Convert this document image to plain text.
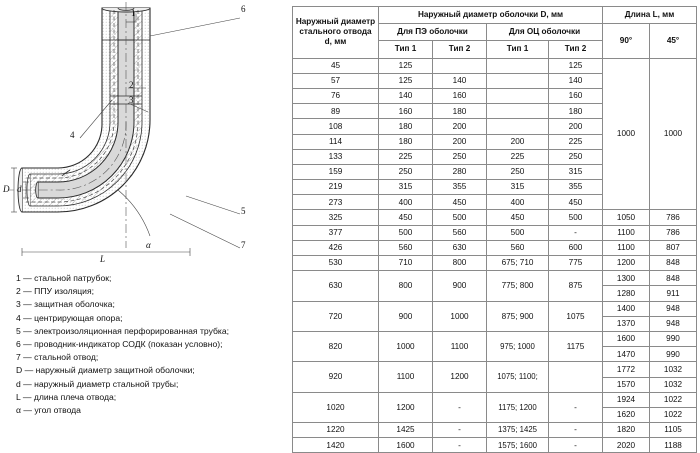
1	6
2
3
4
5
7
D d
L
α
1 — стальной патрубок;
2 — ППУ изоляция;
3 — защитная оболочка;
4 — центрирующая опора;
5 — электроизоляционная перфорированная трубка;
6 — проводник-индикатор СОДК (показан условно);
7 — стальной отвод;
D — наружный диаметр защитной оболочки;
d — наружный диаметр стальной трубы;
L — длина плеча отвода;
α — угол отвода
Наружный диаметр стального отвода d, мм	Наружный диаметр оболочки D, мм				Длина L, мм	
	Для ПЭ оболочки		Для ОЦ оболочки		90°	45°
	Тип 1	Тип 2	Тип 1	Тип 2		
45	125			125	1000	1000
57	125	140		140		
76	140	160		160		
89	160	180		180		
108	180	200		200		
114	180	200	200	225		
133	225	250	225	250		
159	250	280	250	315		
219	315	355	315	355		
273	400	450	400	450		
325	450	500	450	500	1050	786
377	500	560	500	-	1100	786
426	560	630	560	600	1100	807
530	710	800	675; 710	775	1200	848
630	800	900	775; 800	875	1300	848
					1280	911
720	900	1000	875; 900	1075	1400	948
					1370	948
820	1000	1100	975; 1000	1175	1600	990
					1470	990
920	1100	1200	1075; 1100;		1772	1032
					1570	1032
1020	1200	-	1175; 1200	-	1924	1022
					1620	1022
1220	1425	-	1375; 1425	-	1820	1105
1420	1600	-	1575; 1600	-	2020	1188
